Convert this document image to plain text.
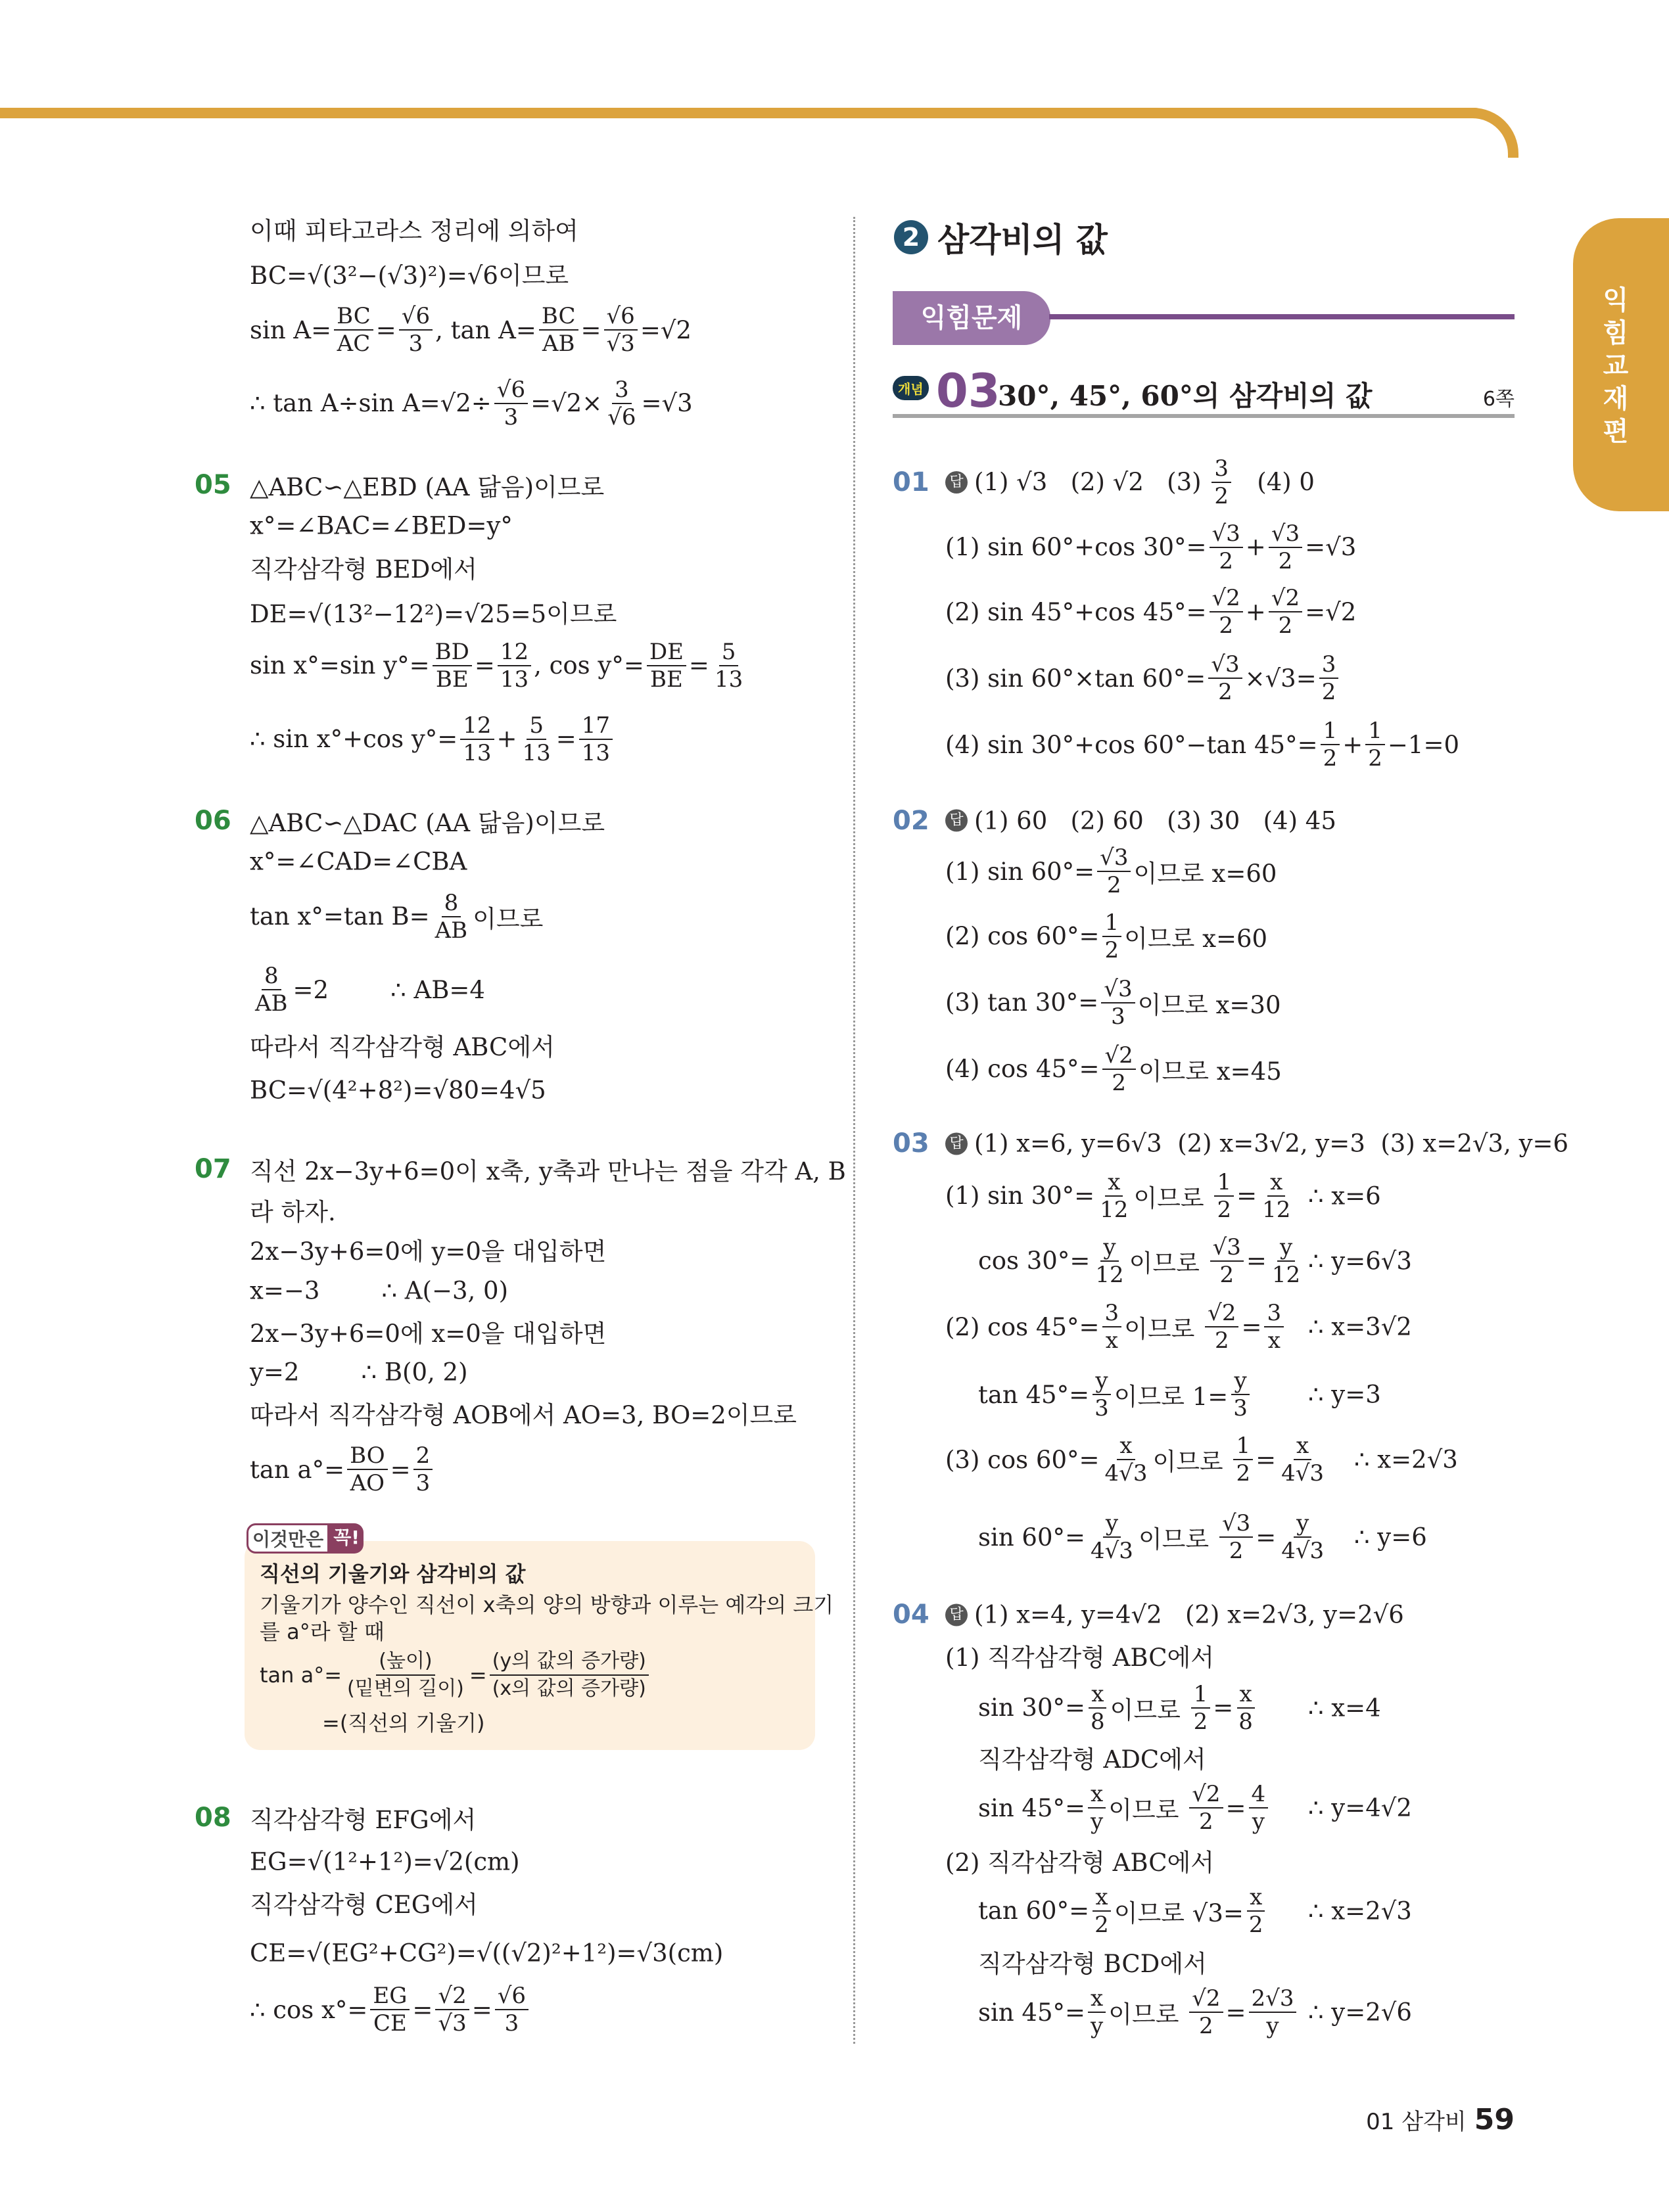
익힘교재편
2 삼각비의 값
익힘문제
개념 03
30°, 45°, 60°의 삼각비의 값	6쪽
이것만은 꼭!
이때 피타고라스 정리에 의하여
BC=√(3²−(√3)²)=√6이므로
$\sin A= \frac{BC}{AC} = \frac{√6}{3}$ , $\tan A= \frac{BC}{AB} = \frac{√6}{√3} =√2$
∴ tan A÷sin $A=√2\div \frac{√6}{3} =√2\times \frac{3}{√6} =√3$
05 △ABC∽△EBD (AA 닮음)이므로
x°=∠BAC=∠BED=y°
직각삼각형 BED에서
DE=√(13²−12²)=√25=5이므로
sin x°=sin $y^\circ= \frac{BD}{BE} = \frac{12}{13}$ , $\cos y^\circ= \frac{DE}{BE} = \frac{5}{13}$
∴ sin x°+cos $y^\circ= \frac{12}{13} + \frac{5}{13} = \frac{17}{13}$
06 △ABC∽△DAC (AA 닮음)이므로
x°=∠CAD=∠CBA
tan x°=tan $B= \frac{8}{AB}$ 이므로
$\frac{8}{AB} =2$        ∴ AB=4
따라서 직각삼각형 ABC에서
BC=√(4²+8²)=√80=4√5
07 직선 2x−3y+6=0이 x축, y축과 만나는 점을 각각 A, B
라 하자.
2x−3y+6=0에 y=0을 대입하면
x=−3        ∴ A(−3, 0)
2x−3y+6=0에 x=0을 대입하면
y=2        ∴ B(0, 2)
따라서 직각삼각형 AOB에서 AO=3, BO=2이므로
$\tan a^\circ= \frac{BO}{AO} = \frac{2}{3}$
08 직각삼각형 EFG에서
EG=√(1²+1²)=√2(cm)
직각삼각형 CEG에서
CE=√(EG²+CG²)=√((√2)²+1²)=√3(cm)
∴ $\cos x^\circ= \frac{EG}{CE} = \frac{√2}{√3} = \frac{√6}{3}$
01 답 (1) √3   (2) √2   $(3) \frac{3}{2} (4)$ 0
(1) sin 60°+cos $30^\circ= \frac{√3}{2} + \frac{√3}{2} =√3$
(2) sin 45°+cos $45^\circ= \frac{√2}{2} + \frac{√2}{2} =√2$
(3) sin 60°×tan $60^\circ= \frac{√3}{2} \times√3= \frac{3}{2}$
(4) sin 30°+cos 60°−tan $45^\circ= \frac{1}{2} + \frac{1}{2} -1=0$
02 답 (1) 60   (2) 60   (3) 30   (4) 45
(1) $\sin 60^\circ= \frac{√3}{2}$ 이므로 x=60
(2) $\cos 60^\circ= \frac{1}{2}$ 이므로 x=60
(3) $\tan 30^\circ= \frac{√3}{3}$ 이므로 x=30
(4) $\cos 45^\circ= \frac{√2}{2}$ 이므로 x=45
03 답 (1) x=6, y=6√3  (2) x=3√2, y=3  (3) x=2√3, y=6
(1) $\sin 30^\circ= \frac{x}{12}$ 이므로 $\frac{1}{2} = \frac{x}{12}$ ∴ x=6
$\cos 30^\circ= \frac{y}{12}$ 이므로 $\frac{√3}{2} = \frac{y}{12}$ ∴ y=6√3
(2) $\cos 45^\circ= \frac{3}{x}$ 이므로 $\frac{√2}{2} = \frac{3}{x}$ ∴ x=3√2
$\tan 45^\circ= \frac{y}{3}$ 이므로 $1= \frac{y}{3}$ ∴ y=3
(3) $\cos 60^\circ= \frac{x}{4√3}$ 이므로 $\frac{1}{2} = \frac{x}{4√3}$ ∴ x=2√3
$\sin 60^\circ= \frac{y}{4√3}$ 이므로 $\frac{√3}{2} = \frac{y}{4√3}$ ∴ y=6
04 답 (1) x=4, y=4√2   (2) x=2√3, y=2√6
(1) 직각삼각형 ABC에서
$\sin 30^\circ= \frac{x}{8}$ 이므로 $\frac{1}{2} = \frac{x}{8}$ ∴ x=4
직각삼각형 ADC에서
$\sin 45^\circ= \frac{x}{y}$ 이므로 $\frac{√2}{2} = \frac{4}{y}$ ∴ y=4√2
(2) 직각삼각형 ABC에서
$\tan 60^\circ= \frac{x}{2}$ 이므로 $√3= \frac{x}{2}$ ∴ x=2√3
직각삼각형 BCD에서
$\sin 45^\circ= \frac{x}{y}$ 이므로 $\frac{√2}{2} = \frac{2√3}{y}$ ∴ y=2√6
직선의 기울기와 삼각비의 값
기울기가 양수인 직선이 x축의 양의 방향과 이루는 예각의 크기
를 a°라 할 때
$\tan a^\circ= \frac{\text{(높이)}}{\text{(밑변의 길이)}} = \frac{\text{(y의 값의 증가량)}}{\text{(x의 값의 증가량)}}$
=(직선의 기울기)
01 삼각비 59
